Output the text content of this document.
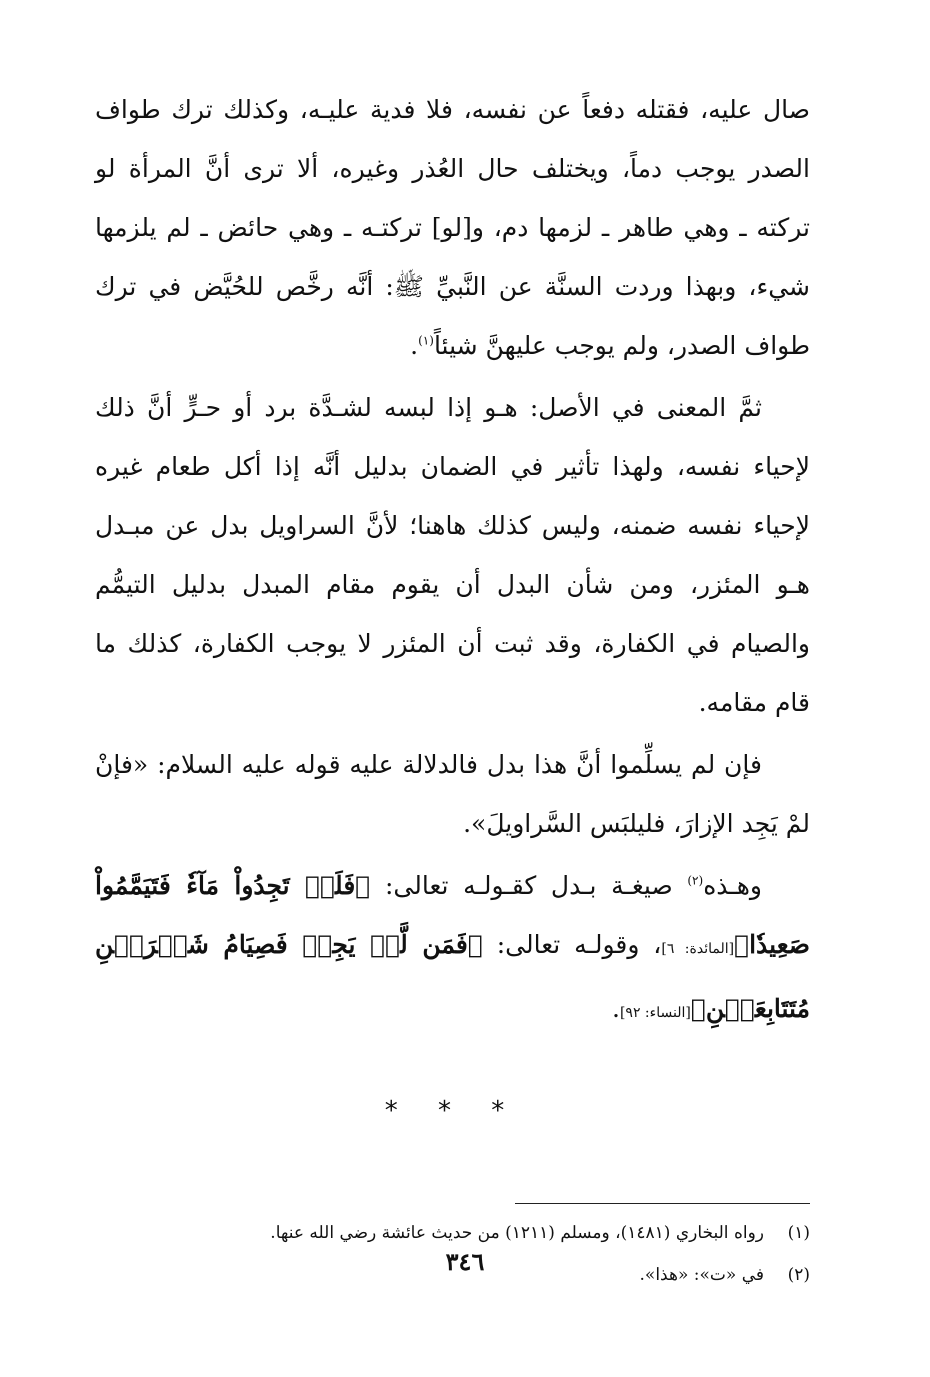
صال عليه، فقتله دفعاً عن نفسه، فلا فدية عليـه، وكذلك ترك طواف الصدر يوجب دماً، ويختلف حال العُذر وغيره، ألا ترى أنَّ المرأة لو تركته ـ وهي طاهر ـ لزمها دم، و[لو] تركتـه ـ وهي حائض ـ لم يلزمها شيء، وبهذا وردت السنَّة عن النَّبيِّ ﷺ: أنَّه رخَّص للحُيَّض في ترك طواف الصدر، ولم يوجب عليهنَّ شيئاً$^{(١)}$.

ثمَّ المعنى في الأصل: هـو إذا لبسه لشـدَّة برد أو حـرٍّ أنَّ ذلك لإحياء نفسه، ولهذا تأثير في الضمان بدليل أنَّه إذا أكل طعام غيره لإحياء نفسه ضمنه، وليس كذلك هاهنا؛ لأنَّ السراويل بدل عن مبـدل هـو المئزر، ومن شأن البدل أن يقوم مقام المبدل بدليل التيمُّم والصيام في الكفارة، وقد ثبت أن المئزر لا يوجب الكفارة، كذلك ما قام مقامه.

فإن لم يسلِّموا أنَّ هذا بدل فالدلالة عليه قوله عليه السلام: «فإنْ لمْ يَجِد الإزارَ، فليلبَس السَّراويلَ».

وهـذه$^{(٢)}$ صيغـة بـدل كقـولـه تعالى: ﴿فَلَمۡ تَجِدُواْ مَآءٗ فَتَيَمَّمُواْ صَعِيدٗا﴾[المائدة: ٦]، وقولـه تعالى: ﴿فَمَن لَّمۡ يَجِدۡ فَصِيَامُ شَهۡرَيۡنِ مُتَتَابِعَيۡنِ﴾[النساء: ٩٢].

* * *
(١)رواه البخاري (١٤٨١)، ومسلم (١٢١١) من حديث عائشة رضي الله عنها.
(٢)في «ت»: «هذا».
٣٤٦
